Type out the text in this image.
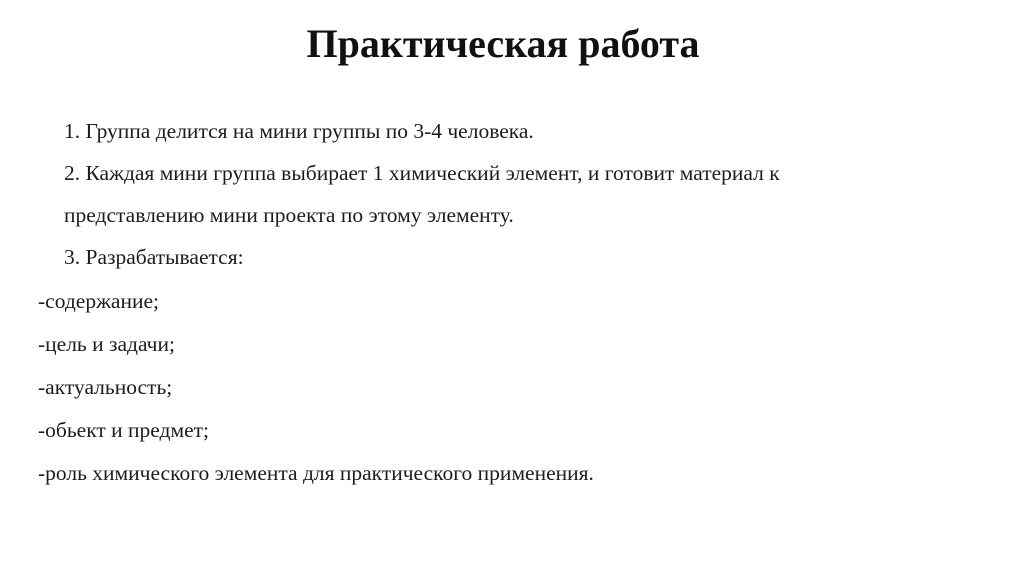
Практическая работа
1. Группа делится на мини группы по 3-4 человека.
2. Каждая мини группа выбирает 1 химический элемент, и готовит материал к
представлению мини проекта по этому элементу.
3. Разрабатывается:
-содержание;
-цель и задачи;
-актуальность;
-обьект и предмет;
-роль химического элемента для практического применения.
